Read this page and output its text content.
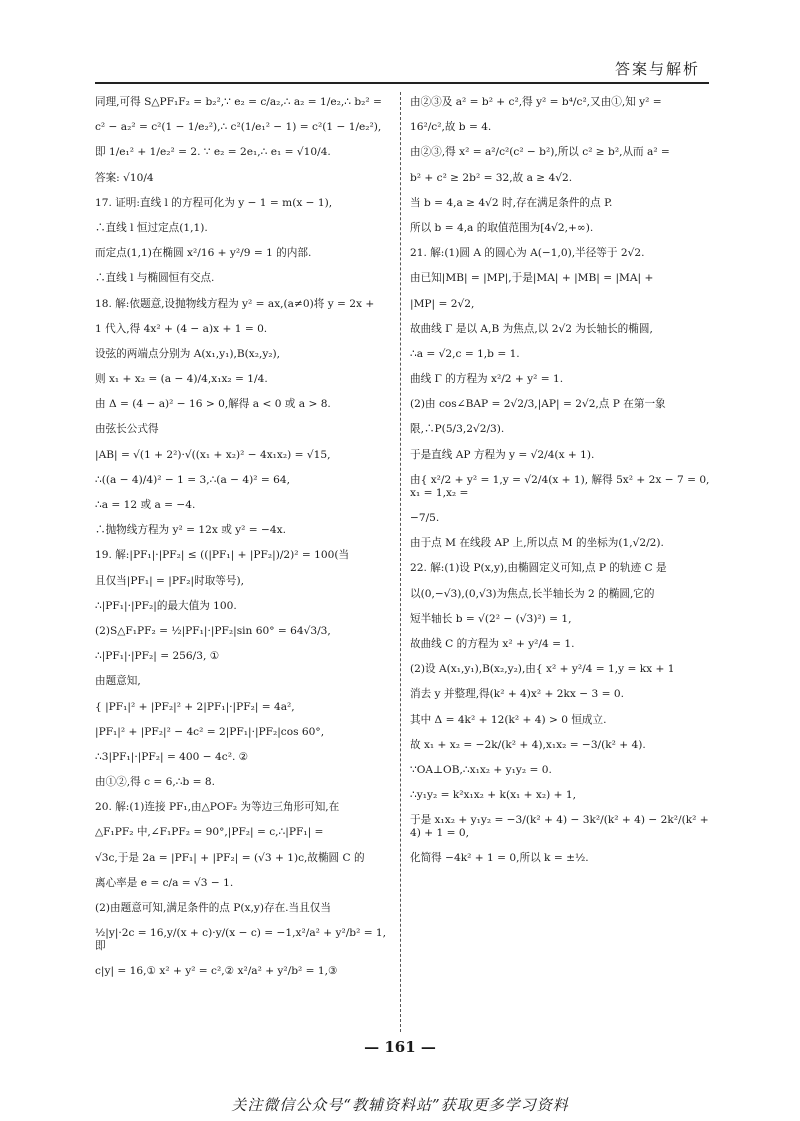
答案与解析
同理,可得 S△PF₁F₂ = b₂²,∵ e₂ = c/a₂,∴ a₂ = 1/e₂,∴ b₂² =
c² − a₂² = c²(1 − 1/e₂²),∴ c²(1/e₁² − 1) = c²(1 − 1/e₂²),
即 1/e₁² + 1/e₂² = 2. ∵ e₂ = 2e₁,∴ e₁ = √10/4.
答案: √10/4
17. 证明:直线 l 的方程可化为 y − 1 = m(x − 1),
∴直线 l 恒过定点(1,1).
而定点(1,1)在椭圆 x²/16 + y²/9 = 1 的内部.
∴直线 l 与椭圆恒有交点.
18. 解:依题意,设抛物线方程为 y² = ax,(a≠0)将 y = 2x +
1 代入,得 4x² + (4 − a)x + 1 = 0.
设弦的两端点分别为 A(x₁,y₁),B(x₂,y₂),
则 x₁ + x₂ = (a − 4)/4,x₁x₂ = 1/4.
由 Δ = (4 − a)² − 16 > 0,解得 a < 0 或 a > 8.
由弦长公式得
|AB| = √(1 + 2²)·√((x₁ + x₂)² − 4x₁x₂) = √15,
∴((a − 4)/4)² − 1 = 3,∴(a − 4)² = 64,
∴a = 12 或 a = −4.
∴抛物线方程为 y² = 12x 或 y² = −4x.
19. 解:|PF₁|·|PF₂| ≤ ((|PF₁| + |PF₂|)/2)² = 100(当
且仅当|PF₁| = |PF₂|时取等号),
∴|PF₁|·|PF₂|的最大值为 100.
(2)S△F₁PF₂ = ½|PF₁|·|PF₂|sin 60° = 64√3/3,
∴|PF₁|·|PF₂| = 256/3, ①
由题意知,
{ |PF₁|² + |PF₂|² + 2|PF₁|·|PF₂| = 4a²,
|PF₁|² + |PF₂|² − 4c² = 2|PF₁|·|PF₂|cos 60°,
∴3|PF₁|·|PF₂| = 400 − 4c². ②
由①②,得 c = 6,∴b = 8.
20. 解:(1)连接 PF₁,由△POF₂ 为等边三角形可知,在
△F₁PF₂ 中,∠F₁PF₂ = 90°,|PF₂| = c,∴|PF₁| =
√3c,于是 2a = |PF₁| + |PF₂| = (√3 + 1)c,故椭圆 C 的
离心率是 e = c/a = √3 − 1.
(2)由题意可知,满足条件的点 P(x,y)存在.当且仅当
½|y|·2c = 16,y/(x + c)·y/(x − c) = −1,x²/a² + y²/b² = 1,即
c|y| = 16,① x² + y² = c²,② x²/a² + y²/b² = 1,③
由②③及 a² = b² + c²,得 y² = b⁴/c²,又由①,知 y² =
16²/c²,故 b = 4.
由②③,得 x² = a²/c²(c² − b²),所以 c² ≥ b²,从而 a² =
b² + c² ≥ 2b² = 32,故 a ≥ 4√2.
当 b = 4,a ≥ 4√2 时,存在满足条件的点 P.
所以 b = 4,a 的取值范围为[4√2,+∞).
21. 解:(1)圆 A 的圆心为 A(−1,0),半径等于 2√2.
由已知|MB| = |MP|,于是|MA| + |MB| = |MA| +
|MP| = 2√2,
故曲线 Γ 是以 A,B 为焦点,以 2√2 为长轴长的椭圆,
∴a = √2,c = 1,b = 1.
曲线 Γ 的方程为 x²/2 + y² = 1.
(2)由 cos∠BAP = 2√2/3,|AP| = 2√2,点 P 在第一象
限,∴P(5/3,2√2/3).
于是直线 AP 方程为 y = √2/4(x + 1).
由{ x²/2 + y² = 1,y = √2/4(x + 1), 解得 5x² + 2x − 7 = 0,x₁ = 1,x₂ =
−7/5.
由于点 M 在线段 AP 上,所以点 M 的坐标为(1,√2/2).
22. 解:(1)设 P(x,y),由椭圆定义可知,点 P 的轨迹 C 是
以(0,−√3),(0,√3)为焦点,长半轴长为 2 的椭圆,它的
短半轴长 b = √(2² − (√3)²) = 1,
故曲线 C 的方程为 x² + y²/4 = 1.
(2)设 A(x₁,y₁),B(x₂,y₂),由{ x² + y²/4 = 1,y = kx + 1
消去 y 并整理,得(k² + 4)x² + 2kx − 3 = 0.
其中 Δ = 4k² + 12(k² + 4) > 0 恒成立.
故 x₁ + x₂ = −2k/(k² + 4),x₁x₂ = −3/(k² + 4).
∵OA⊥OB,∴x₁x₂ + y₁y₂ = 0.
∴y₁y₂ = k²x₁x₂ + k(x₁ + x₂) + 1,
于是 x₁x₂ + y₁y₂ = −3/(k² + 4) − 3k²/(k² + 4) − 2k²/(k² + 4) + 1 = 0,
化简得 −4k² + 1 = 0,所以 k = ±½.
— 161 —
关注微信公众号“教辅资料站”获取更多学习资料
